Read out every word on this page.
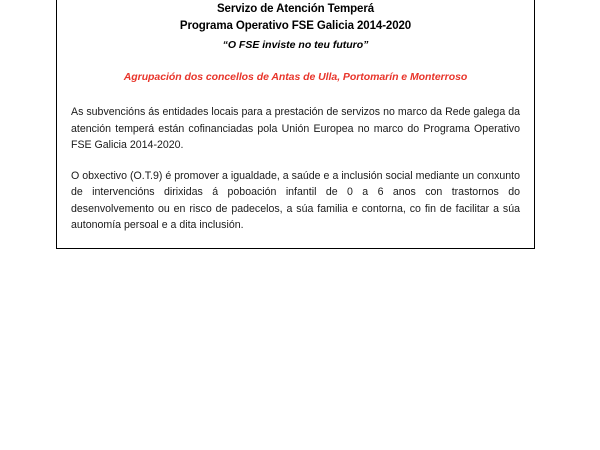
Servizo de Atención Temperá
Programa Operativo FSE Galicia 2014-2020
“O FSE inviste no teu futuro”
Agrupación dos concellos de Antas de Ulla, Portomarín e Monterroso
As subvencións ás entidades locais para a prestación de servizos no marco da Rede galega da atención temperá están cofinanciadas pola Unión Europea no marco do Programa Operativo FSE Galicia 2014-2020.
O obxectivo (O.T.9) é promover a igualdade, a saúde e a inclusión social mediante un conxunto de intervencións dirixidas á poboación infantil de 0 a 6 anos con trastornos do desenvolvemento ou en risco de padecelos, a súa familia e contorna, co fin de facilitar a súa autonomía persoal e a dita inclusión.
